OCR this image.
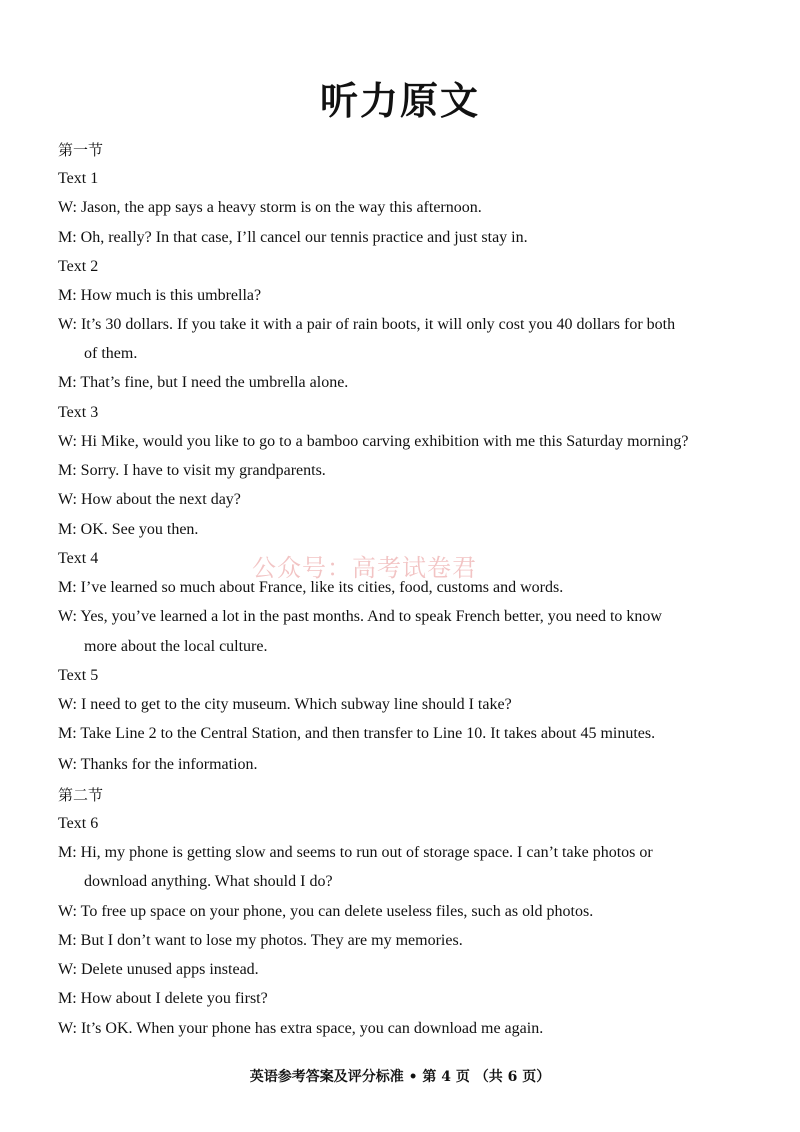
听力原文
公众号：高考试卷君
第一节
Text 1
W: Jason, the app says a heavy storm is on the way this afternoon.
M: Oh, really? In that case, I’ll cancel our tennis practice and just stay in.
Text 2
M: How much is this umbrella?
W: It’s 30 dollars. If you take it with a pair of rain boots, it will only cost you 40 dollars for both
of them.
M: That’s fine, but I need the umbrella alone.
Text 3
W: Hi Mike, would you like to go to a bamboo carving exhibition with me this Saturday morning?
M: Sorry. I have to visit my grandparents.
W: How about the next day?
M: OK. See you then.
Text 4
M: I’ve learned so much about France, like its cities, food, customs and words.
W: Yes, you’ve learned a lot in the past months. And to speak French better, you need to know
more about the local culture.
Text 5
W: I need to get to the city museum. Which subway line should I take?
M: Take Line 2 to the Central Station, and then transfer to Line 10. It takes about 45 minutes.
W: Thanks for the information.
第二节
Text 6
M: Hi, my phone is getting slow and seems to run out of storage space. I can’t take photos or
download anything. What should I do?
W: To free up space on your phone, you can delete useless files, such as old photos.
M: But I don’t want to lose my photos. They are my memories.
W: Delete unused apps instead.
M: How about I delete you first?
W: It’s OK. When your phone has extra space, you can download me again.
英语参考答案及评分标准 • 第 4 页 （共 6 页）
